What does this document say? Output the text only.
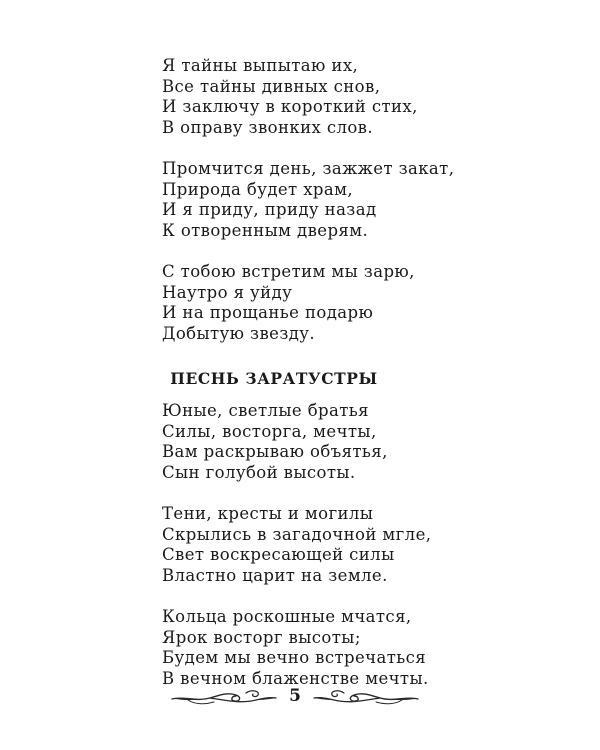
Я тайны выпытаю их,
Все тайны дивных снов,
И заключу в короткий стих,
В оправу звонких слов.
Промчится день, зажжет закат,
Природа будет храм,
И я приду, приду назад
К отворенным дверям.
С тобою встретим мы зарю,
Наутро я уйду
И на прощанье подарю
Добытую звезду.
ПЕСНЬ ЗАРАТУСТРЫ
Юные, светлые братья
Силы, восторга, мечты,
Вам раскрываю объятья,
Сын голубой высоты.
Тени, кресты и могилы
Скрылись в загадочной мгле,
Свет воскресающей силы
Властно царит на земле.
Кольца роскошные мчатся,
Ярок восторг высоты;
Будем мы вечно встречаться
В вечном блаженстве мечты.
5
